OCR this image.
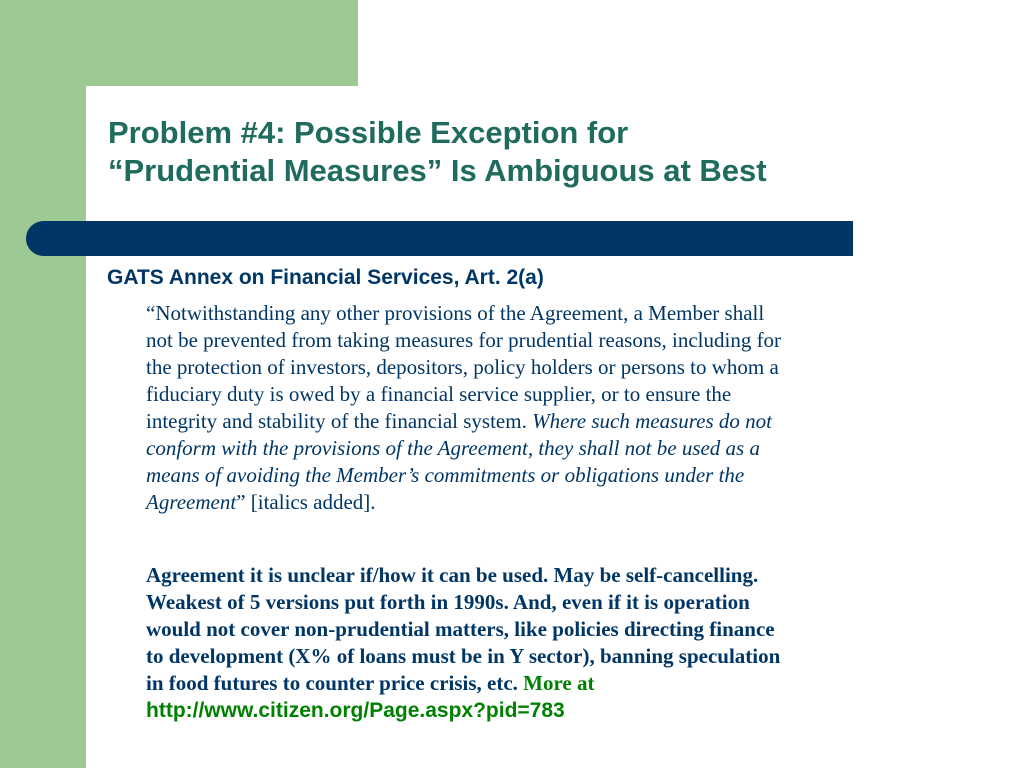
Problem #4: Possible Exception for
“Prudential Measures” Is Ambiguous at Best
GATS Annex on Financial Services, Art. 2(a)
“Notwithstanding any other provisions of the Agreement, a Member shall
not be prevented from taking measures for prudential reasons, including for
the protection of investors, depositors, policy holders or persons to whom a
fiduciary duty is owed by a financial service supplier, or to ensure the
integrity and stability of the financial system. Where such measures do not
conform with the provisions of the Agreement, they shall not be used as a
means of avoiding the Member’s commitments or obligations under the
Agreement” [italics added].
Agreement it is unclear if/how it can be used. May be self-cancelling.
Weakest of 5 versions put forth in 1990s. And, even if it is operation
would not cover non-prudential matters, like policies directing finance
to development (X% of loans must be in Y sector), banning speculation
in food futures to counter price crisis, etc. More at
http://www.citizen.org/Page.aspx?pid=783
